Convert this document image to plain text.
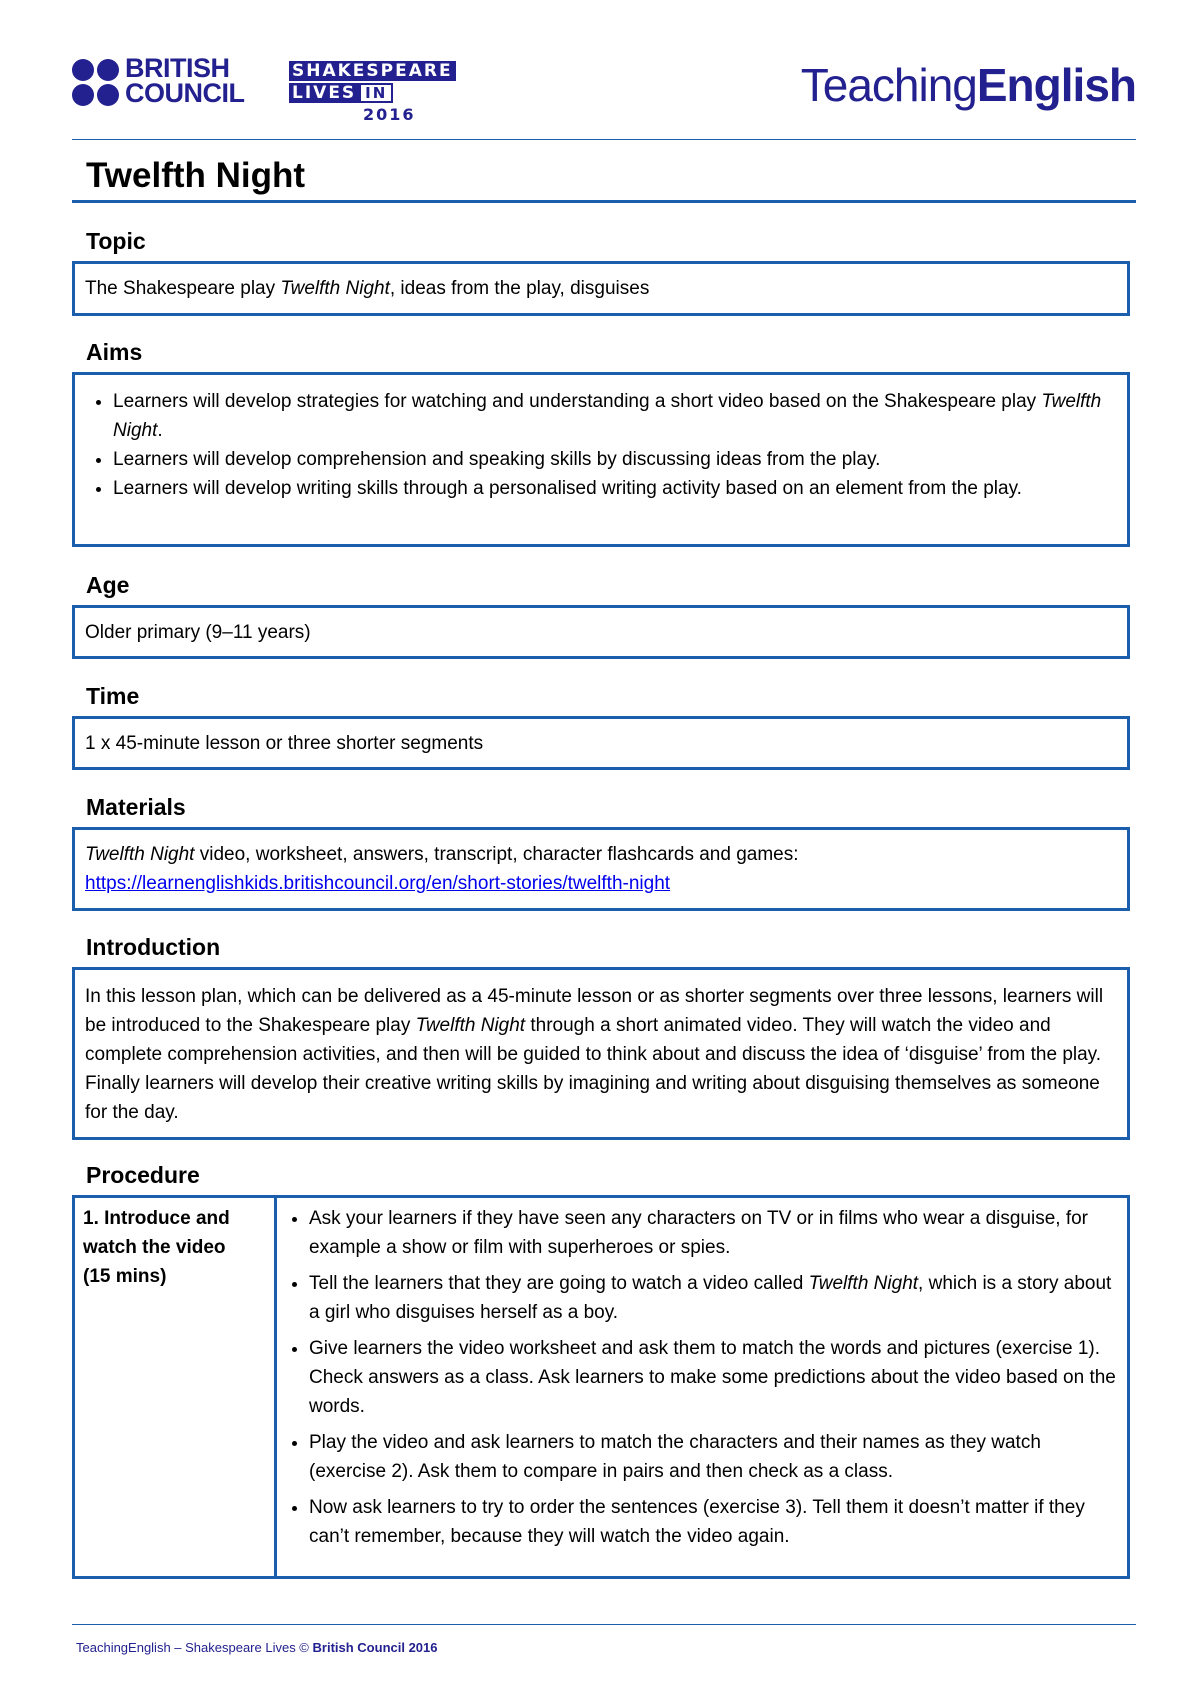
BRITISH
COUNCIL
SHAKESPEARE
LIVES IN
2016
TeachingEnglish
Twelfth Night
Topic

The Shakespeare play Twelfth Night, ideas from the play, disguises

Aims
• Learners will develop strategies for watching and understanding a short video based on the Shakespeare play Twelfth Night.
• Learners will develop comprehension and speaking skills by discussing ideas from the play.
• Learners will develop writing skills through a personalised writing activity based on an element from the play.
Age

Older primary (9–11 years)

Time

1 x 45-minute lesson or three shorter segments

Materials

Twelfth Night video, worksheet, answers, transcript, character flashcards and games:

https://learnenglishkids.britishcouncil.org/en/short-stories/twelfth-night

Introduction

In this lesson plan, which can be delivered as a 45-minute lesson or as shorter segments over three lessons, learners will be introduced to the Shakespeare play Twelfth Night through a short animated video. They will watch the video and complete comprehension activities, and then will be guided to think about and discuss the idea of ‘disguise’ from the play. Finally learners will develop their creative writing skills by imagining and writing about disguising themselves as someone for the day.

Procedure
1. Introduce and
watch the video
(15 mins)
• Ask your learners if they have seen any characters on TV or in films who wear a disguise, for example a show or film with superheroes or spies.
• Tell the learners that they are going to watch a video called Twelfth Night, which is a story about a girl who disguises herself as a boy.
• Give learners the video worksheet and ask them to match the words and pictures (exercise 1). Check answers as a class. Ask learners to make some predictions about the video based on the words.
• Play the video and ask learners to match the characters and their names as they watch (exercise 2). Ask them to compare in pairs and then check as a class.
• Now ask learners to try to order the sentences (exercise 3). Tell them it doesn’t matter if they can’t remember, because they will watch the video again.
TeachingEnglish – Shakespeare Lives © British Council 2016
